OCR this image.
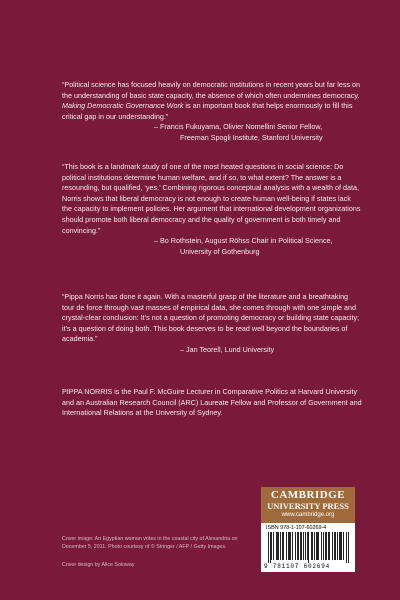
“Political science has focused heavily on democratic institutions in recent years but far less on the understanding of basic state capacity, the absence of which often undermines democracy. Making Democratic Governance Work is an important book that helps enormously to fill this critical gap in our understanding.”

– Francis Fukuyama, Olivier Nomellini Senior Fellow,

Freeman Spogli Institute, Stanford University

“This book is a landmark study of one of the most heated questions in social science: Do political institutions determine human welfare, and if so, to what extent? The answer is a resounding, but qualified, ‘yes.’ Combining rigorous conceptual analysis with a wealth of data, Norris shows that liberal democracy is not enough to create human well-being if states lack the capacity to implement policies. Her argument that international development organizations should promote both liberal democracy and the quality of government is both timely and convincing.”

– Bo Rothstein, August Röhss Chair in Political Science,

University of Gothenburg

“Pippa Norris has done it again. With a masterful grasp of the literature and a breathtaking tour de force through vast masses of empirical data, she comes through with one simple and crystal-clear conclusion: It’s not a question of promoting democracy or building state capacity; it’s a question of doing both. This book deserves to be read well beyond the boundaries of academia.”

– Jan Teorell, Lund University

PIPPA NORRIS is the Paul F. McGuire Lecturer in Comparative Politics at Harvard University and an Australian Research Council (ARC) Laureate Fellow and Professor of Government and International Relations at the University of Sydney.

Cover image: An Egyptian woman votes in the coastal city of Alexandria on December 5, 2011. Photo courtesy of © Stringer / AFP / Getty Images.
Cover design by Alice Soloway
CAMBRIDGE
UNIVERSITY PRESS
www.cambridge.org
ISBN 978-1-107-60269-4
9 781107 602694
